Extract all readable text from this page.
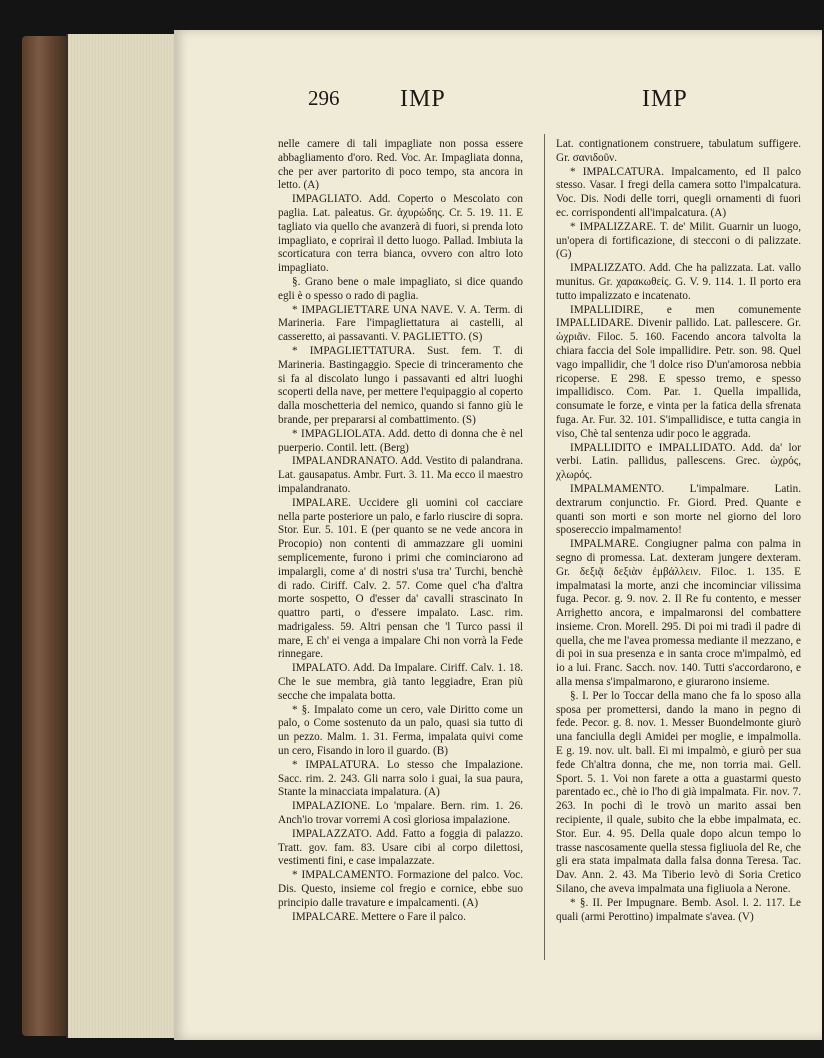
296	IMP	IMP

nelle camere di tali impagliate non possa essere abbagliamento d'oro. Red. Voc. Ar. Impagliata donna, che per aver partorito di poco tempo, sta ancora in letto. (A)

IMPAGLIATO. Add. Coperto o Mescolato con paglia. Lat. paleatus. Gr. ἀχυρώδης. Cr. 5. 19. 11. E tagliato via quello che avanzerà di fuori, si prenda loto impagliato, e copriraì il detto luogo. Pallad. Imbiuta la scorticatura con terra bianca, ovvero con altro loto impagliato.

§. Grano bene o male impagliato, si dice quando egli è o spesso o rado di paglia.

* IMPAGLIETTARE UNA NAVE. V. A. Term. di Marineria. Fare l'impagliettatura ai castelli, al casseretto, ai passavanti. V. PAGLIETTO. (S)

* IMPAGLIETTATURA. Sust. fem. T. di Marineria. Bastingaggio. Specie di trinceramento che si fa al discolato lungo i passavanti ed altri luoghi scoperti della nave, per mettere l'equipaggio al coperto dalla moschetteria del nemico, quando si fanno giù le brande, per prepararsi al combattimento. (S)

* IMPAGLIOLATA. Add. detto di donna che è nel puerperio. Contil. lett. (Berg)

IMPALANDRANATO. Add. Vestito di palandrana. Lat. gausapatus. Ambr. Furt. 3. 11. Ma ecco il maestro impalandranato.

IMPALARE. Uccidere gli uomini col cacciare nella parte posteriore un palo, e farlo riuscire di sopra. Stor. Eur. 5. 101. E (per quanto se ne vede ancora in Procopio) non contenti di ammazzare gli uomini semplicemente, furono i primi che cominciarono ad impalargli, come a' di nostri s'usa tra' Turchi, benchè di rado. Ciriff. Calv. 2. 57. Come quel c'ha d'altra morte sospetto, O d'esser da' cavalli strascinato In quattro parti, o d'essere impalato. Lasc. rim. madrigaless. 59. Altri pensan che 'l Turco passi il mare, E ch' ei venga a impalare Chi non vorrà la Fede rinnegare.

IMPALATO. Add. Da Impalare. Ciriff. Calv. 1. 18. Che le sue membra, già tanto leggiadre, Eran più secche che impalata botta.

* §. Impalato come un cero, vale Diritto come un palo, o Come sostenuto da un palo, quasi sia tutto di un pezzo. Malm. 1. 31. Ferma, impalata quivi come un cero, Fisando in loro il guardo. (B)

* IMPALATURA. Lo stesso che Impalazione. Sacc. rim. 2. 243. Gli narra solo i guai, la sua paura, Stante la minacciata impalatura. (A)

IMPALAZIONE. Lo 'mpalare. Bern. rim. 1. 26. Anch'io trovar vorremi A così gloriosa impalazione.

IMPALAZZATO. Add. Fatto a foggia di palazzo. Tratt. gov. fam. 83. Usare cibi al corpo dilettosi, vestimenti fini, e case impalazzate.

* IMPALCAMENTO. Formazione del palco. Voc. Dis. Questo, insieme col fregio e cornice, ebbe suo principio dalle travature e impalcamenti. (A)

IMPALCARE. Mettere o Fare il palco.

Lat. contignationem construere, tabulatum suffigere. Gr. σανιδοῦν.

* IMPALCATURA. Impalcamento, ed Il palco stesso. Vasar. I fregi della camera sotto l'impalcatura. Voc. Dis. Nodi delle torri, quegli ornamenti di fuori ec. corrispondenti all'impalcatura. (A)

* IMPALIZZARE. T. de' Milit. Guarnir un luogo, un'opera di fortificazione, di stecconi o di palizzate. (G)

IMPALIZZATO. Add. Che ha palizzata. Lat. vallo munitus. Gr. χαρακωθείς. G. V. 9. 114. 1. Il porto era tutto impalizzato e incatenato.

IMPALLIDIRE, e men comunemente IMPALLIDARE. Divenir pallido. Lat. pallescere. Gr. ὠχριᾶν. Filoc. 5. 160. Facendo ancora talvolta la chiara faccia del Sole impallidire. Petr. son. 98. Quel vago impallidir, che 'l dolce riso D'un'amorosa nebbia ricoperse. E 298. E spesso tremo, e spesso impallidisco. Com. Par. 1. Quella impallida, consumate le forze, e vinta per la fatica della sfrenata fuga. Ar. Fur. 32. 101. S'impallidisce, e tutta cangia in viso, Chè tal sentenza udir poco le aggrada.

IMPALLIDITO e IMPALLIDATO. Add. da' lor verbi. Latin. pallidus, pallescens. Grec. ὠχρός, χλωρός.

IMPALMAMENTO. L'impalmare. Latin. dextrarum conjunctio. Fr. Giord. Pred. Quante e quanti son morti e son morte nel giorno del loro sposereccio impalmamento!

IMPALMARE. Congiugner palma con palma in segno di promessa. Lat. dexteram jungere dexteram. Gr. δεξιᾷ δεξιὰν ἐμβάλλειν. Filoc. 1. 135. E impalmatasi la morte, anzi che incominciar vilissima fuga. Pecor. g. 9. nov. 2. Il Re fu contento, e messer Arrighetto ancora, e impalmaronsi del combattere insieme. Cron. Morell. 295. Di poi mi tradì il padre di quella, che me l'avea promessa mediante il mezzano, e di poi in sua presenza e in santa croce m'impalmò, ed io a lui. Franc. Sacch. nov. 140. Tutti s'accordarono, e alla mensa s'impalmarono, e giurarono insieme.

§. I. Per lo Toccar della mano che fa lo sposo alla sposa per promettersi, dando la mano in pegno di fede. Pecor. g. 8. nov. 1. Messer Buondelmonte giurò una fanciulla degli Amidei per moglie, e impalmolla. E g. 19. nov. ult. ball. Ei mi impalmò, e giurò per sua fede Ch'altra donna, che me, non torria mai. Gell. Sport. 5. 1. Voi non farete a otta a guastarmi questo parentado ec., chè io l'ho di già impalmata. Fir. nov. 7. 263. In pochi dì le trovò un marito assai ben recipiente, il quale, subito che la ebbe impalmata, ec. Stor. Eur. 4. 95. Della quale dopo alcun tempo lo trasse nascosamente quella stessa figliuola del Re, che gli era stata impalmata dalla falsa donna Teresa. Tac. Dav. Ann. 2. 43. Ma Tiberio levò di Soria Cretico Silano, che aveva impalmata una figliuola a Nerone.

* §. II. Per Impugnare. Bemb. Asol. l. 2. 117. Le quali (armi Perottino) impalmate s'avea. (V)
